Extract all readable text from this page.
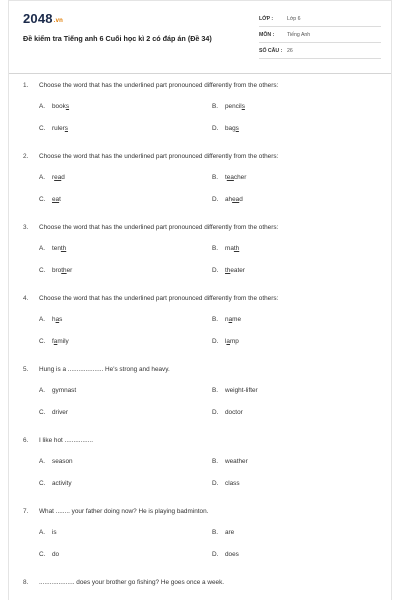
2048.vn
Đề kiểm tra Tiếng anh 6 Cuối học kì 2 có đáp án (Đề 34)
LỚP :	Lớp 6
MÔN :	Tiếng Anh
SỐ CÂU : 26
1.	Choose the word that has the underlined part pronounced differently from the others:
A.	books	B.	pencils
C.	rulers	D.	bags
2.	Choose the word that has the underlined part pronounced differently from the others:
A.	read	B.	teacher
C.	eat	D.	ahead
3.	Choose the word that has the underlined part pronounced differently from the others:
A.	tenth	B.	math
C.	brother	D.	theater
4.	Choose the word that has the underlined part pronounced differently from the others:
A.	has	B.	name
C.	family	D.	lamp
5.	Hung is a .................... He's strong and heavy.
A.	gymnast	B.	weight-lifter
C.	driver	D.	doctor
6.	I like hot ................
A.	season	B.	weather
C.	activity	D.	class
7.	What ........ your father doing now? He is playing badminton.
A.	is	B.	are
C.	do	D.	does
8.	.................... does your brother go fishing? He goes once a week.
